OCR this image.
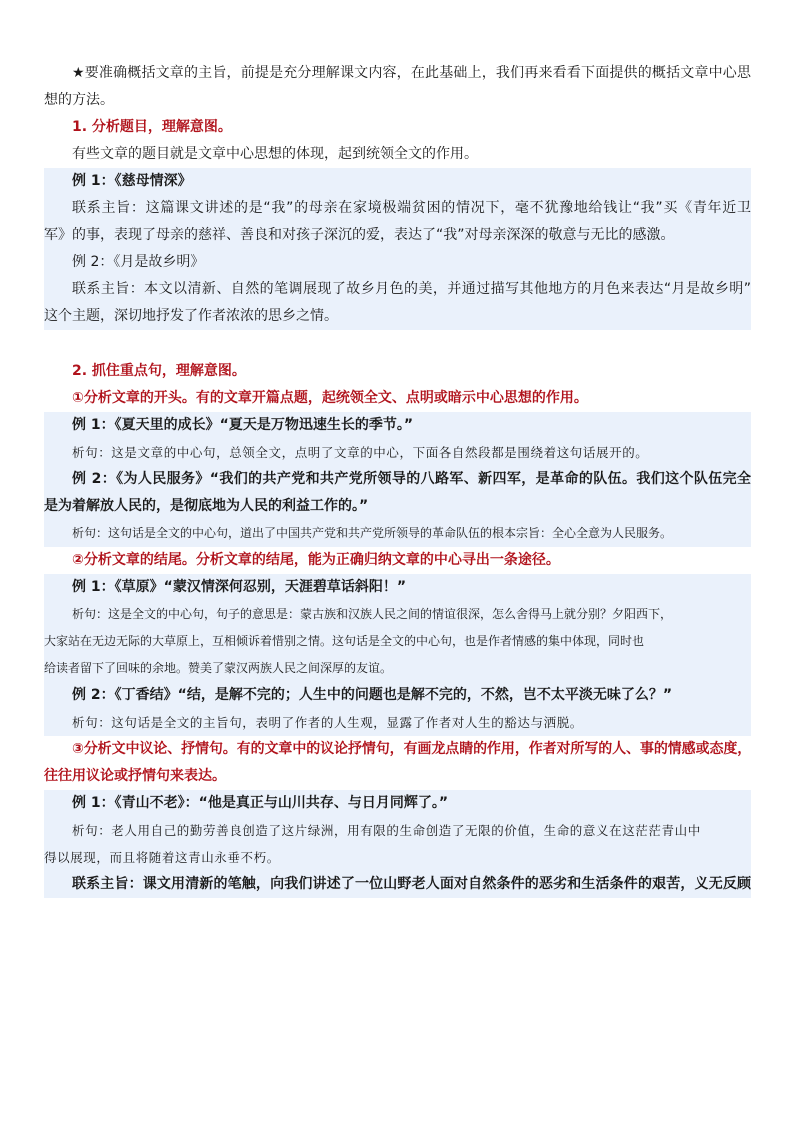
★要准确概括文章的主旨，前提是充分理解课文内容，在此基础上，我们再来看看下面提供的概括文章中心思
想的方法。
1. 分析题目，理解意图。
有些文章的题目就是文章中心思想的体现，起到统领全文的作用。
例 1：《慈母情深》
联系主旨：这篇课文讲述的是“我”的母亲在家境极端贫困的情况下，毫不犹豫地给钱让“我”买《青年近卫
军》的事，表现了母亲的慈祥、善良和对孩子深沉的爱，表达了“我”对母亲深深的敬意与无比的感激。
例 2：《月是故乡明》
联系主旨：本文以清新、自然的笔调展现了故乡月色的美，并通过描写其他地方的月色来表达“月是故乡明”
这个主题，深切地抒发了作者浓浓的思乡之情。
2. 抓住重点句，理解意图。
①分析文章的开头。有的文章开篇点题，起统领全文、点明或暗示中心思想的作用。
例 1：《夏天里的成长》“夏天是万物迅速生长的季节。”
析句：这是文章的中心句，总领全文，点明了文章的中心，下面各自然段都是围绕着这句话展开的。
例 2：《为人民服务》“我们的共产党和共产党所领导的八路军、新四军，是革命的队伍。我们这个队伍完全
是为着解放人民的，是彻底地为人民的利益工作的。”
析句：这句话是全文的中心句，道出了中国共产党和共产党所领导的革命队伍的根本宗旨：全心全意为人民服务。
②分析文章的结尾。分析文章的结尾，能为正确归纳文章的中心寻出一条途径。
例 1：《草原》“蒙汉情深何忍别，天涯碧草话斜阳！”
析句：这是全文的中心句，句子的意思是：蒙古族和汉族人民之间的情谊很深，怎么舍得马上就分别？夕阳西下，
大家站在无边无际的大草原上，互相倾诉着惜别之情。这句话是全文的中心句，也是作者情感的集中体现，同时也
给读者留下了回味的余地。赞美了蒙汉两族人民之间深厚的友谊。
例 2：《丁香结》“结，是解不完的；人生中的问题也是解不完的，不然，岂不太平淡无味了么？”
析句：这句话是全文的主旨句，表明了作者的人生观，显露了作者对人生的豁达与洒脱。
③分析文中议论、抒情句。有的文章中的议论抒情句，有画龙点睛的作用，作者对所写的人、事的情感或态度，
往往用议论或抒情句来表达。
例 1：《青山不老》：“他是真正与山川共存、与日月同辉了。”
析句：老人用自己的勤劳善良创造了这片绿洲，用有限的生命创造了无限的价值，生命的意义在这茫茫青山中
得以展现，而且将随着这青山永垂不朽。
联系主旨：课文用清新的笔触，向我们讲述了一位山野老人面对自然条件的恶劣和生活条件的艰苦，义无反顾
